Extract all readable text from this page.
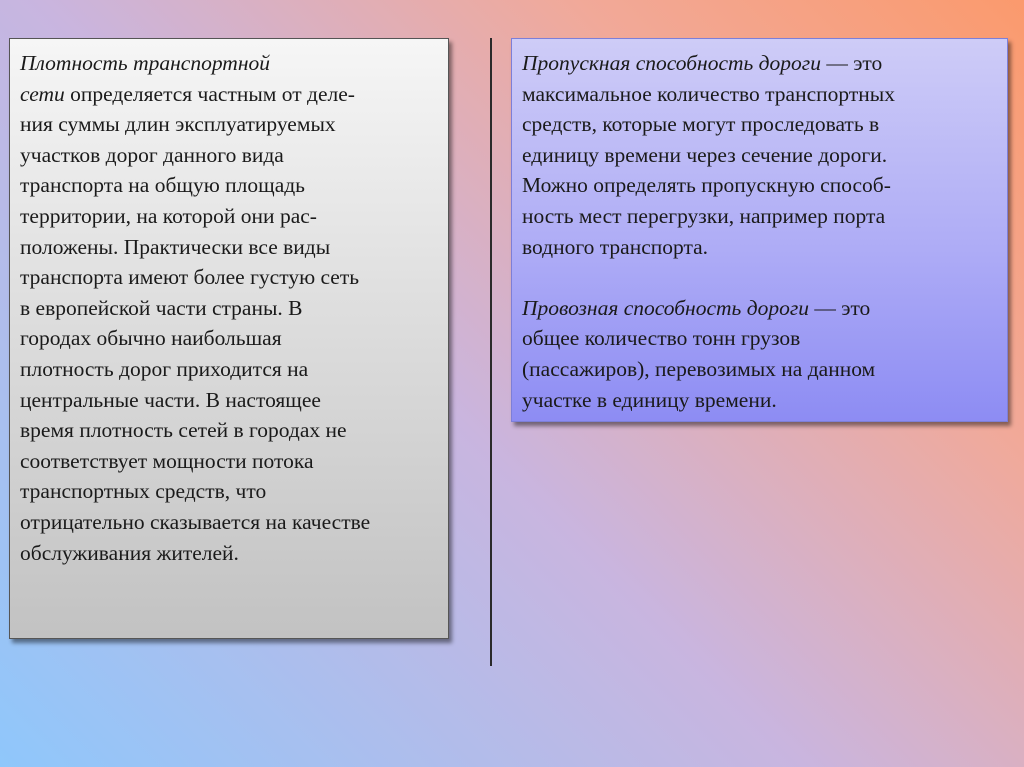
Плотность транспортной
сети определяется частным от деле-
ния суммы длин эксплуатируемых
участков дорог данного вида
транспорта на общую площадь
территории, на которой они рас-
положены. Практически все виды
транспорта имеют более густую сеть
в европейской части страны. В
городах обычно наибольшая
плотность дорог приходится на
центральные части. В настоящее
время плотность сетей в городах не
соответствует мощности потока
транспортных средств, что
отрицательно сказывается на качестве
обслуживания жителей.
Пропускная способность дороги — это
максимальное количество транспортных
средств, которые могут проследовать в
единицу времени через сечение дороги.
Можно определять пропускную способ-
ность мест перегрузки, например порта
водного транспорта.
Провозная способность дороги — это
общее количество тонн грузов
(пассажиров), перевозимых на данном
участке в единицу времени.
